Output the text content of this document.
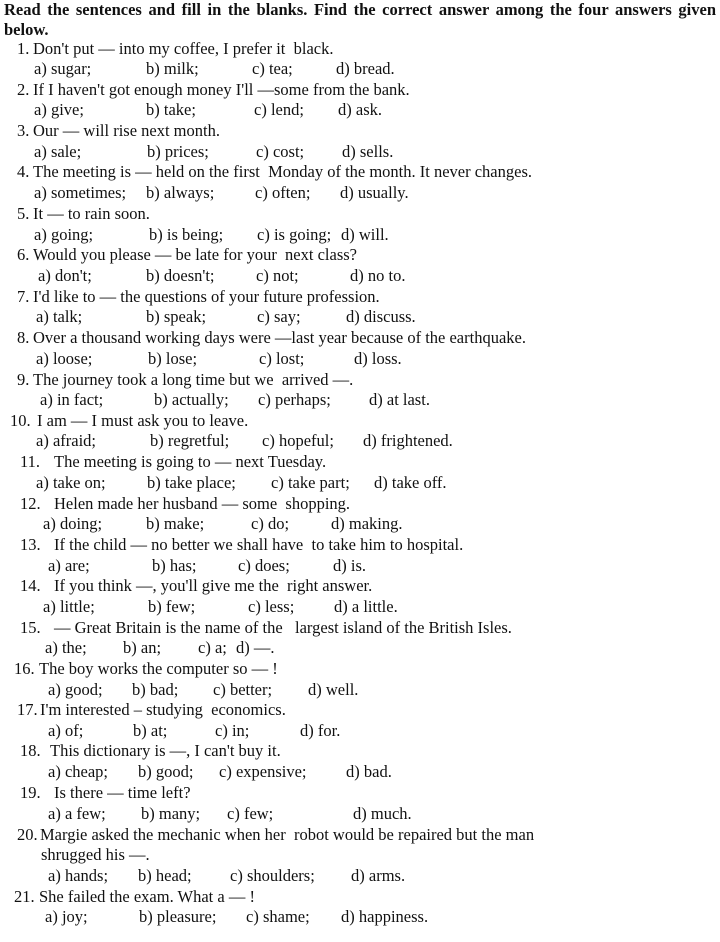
Read the sentences and fill in the blanks. Find the correct answer among the four answers given below.
1. Don't put — into my coffee, I prefer it  black.
a) sugar;	b) milk;	c) tea;	d) bread.
2. If I haven't got enough money I'll —some from the bank.
a) give;	b) take;	c) lend; d) ask.
3. Our — will rise next month.
a) sale;	b) prices;	c) cost; d) sells.
4. The meeting is — held on the first  Monday of the month. It never changes.
a) sometimes; b) always; c) often; d) usually.
5. It — to rain soon.
a) going;	b) is being; c) is going; d) will.
6. Would you please — be late for your  next class?
a) don't;	b) doesn't;	c) not;	d) no to.
7. I'd like to — the questions of your future profession.
a) talk;	b) speak;	c) say;	d) discuss.
8. Over a thousand working days were —last year because of the earthquake.
a) loose;	b) lose;	c) lost;	d) loss.
9. The journey took a long time but we  arrived —.
a) in fact;	b) actually; c) perhaps; d) at last.
10. I am — I must ask you to leave.
a) afraid;	b) regretful; c) hopeful; d) frightened.
11. The meeting is going to — next Tuesday.
a) take on;	b) take place; c) take part; d) take off.
12. Helen made her husband — some  shopping.
a) doing;	b) make;	c) do;	d) making.
13. If the child — no better we shall have  to take him to hospital.
a) are;	b) has;	c) does;	d) is.
14. If you think —, you'll give me the  right answer.
a) little;	b) few;	c) less; d) a little.
15. — Great Britain is the name of the   largest island of the British Isles.
a) the; b) an; c) a; d) —.
16. The boy works the computer so — !
a) good; b) bad; c) better; d) well.
17. I'm interested – studying  economics.
a) of;	b) at;	c) in;	d) for.
18. This dictionary is —, I can't buy it.
a) cheap; b) good; c) expensive; d) bad.
19. Is there — time left?
a) a few; b) many; c) few;	d) much.
20. Margie asked the mechanic when her  robot would be repaired but the man
shrugged his —.
a) hands; b) head; c) shoulders; d) arms.
21. She failed the exam. What a — !
a) joy;	b) pleasure; c) shame; d) happiness.
